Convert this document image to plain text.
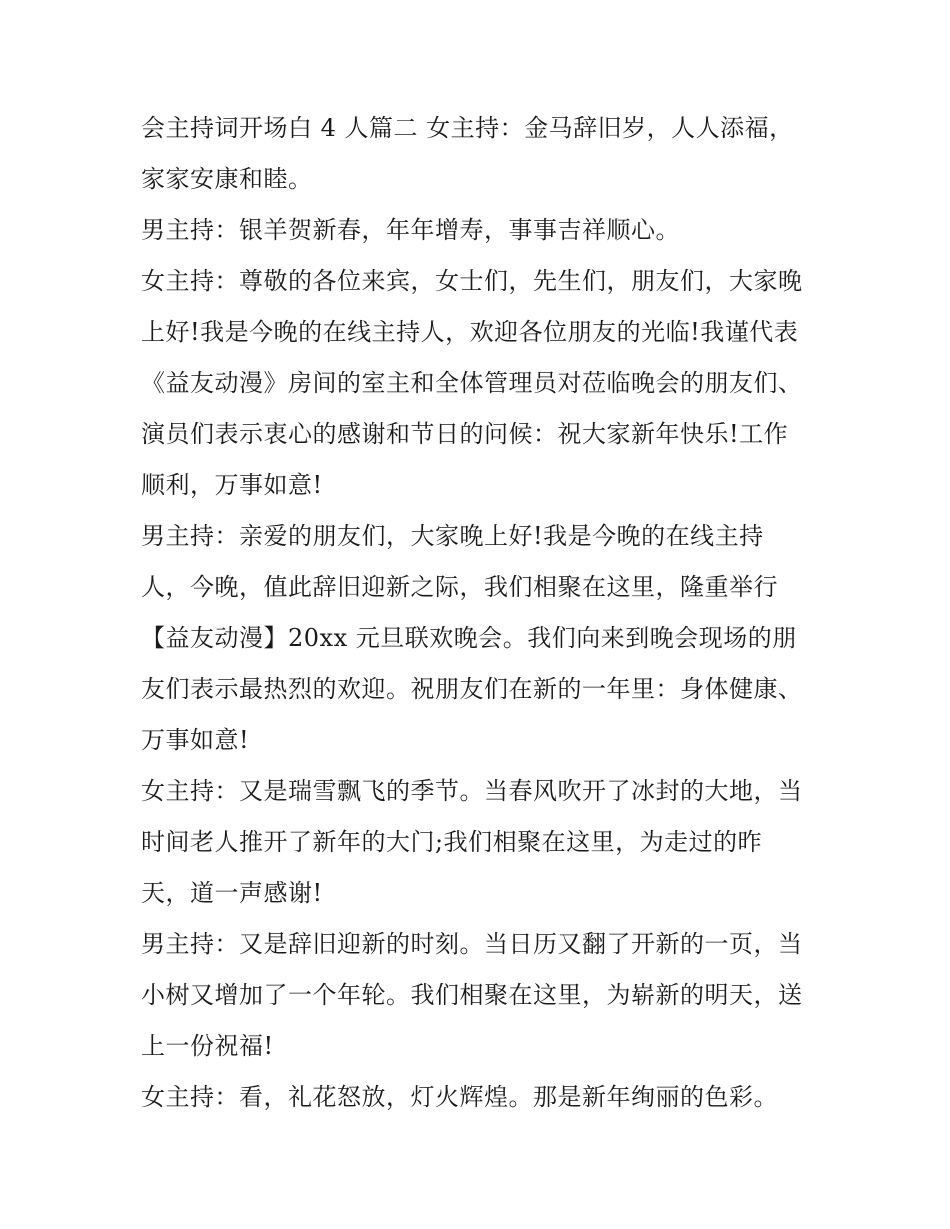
会主持词开场白 4 人篇二 女主持：金马辞旧岁，人人添福，
家家安康和睦。
男主持：银羊贺新春，年年增寿，事事吉祥顺心。
女主持：尊敬的各位来宾，女士们，先生们，朋友们，大家晚
上好!我是今晚的在线主持人，欢迎各位朋友的光临!我谨代表
《益友动漫》房间的室主和全体管理员对莅临晚会的朋友们、
演员们表示衷心的感谢和节日的问候：祝大家新年快乐!工作
顺利，万事如意!
男主持：亲爱的朋友们，大家晚上好!我是今晚的在线主持
人，今晚，值此辞旧迎新之际，我们相聚在这里，隆重举行
【益友动漫】20xx 元旦联欢晚会。我们向来到晚会现场的朋
友们表示最热烈的欢迎。祝朋友们在新的一年里：身体健康、
万事如意!
女主持：又是瑞雪飘飞的季节。当春风吹开了冰封的大地，当
时间老人推开了新年的大门;我们相聚在这里，为走过的昨
天，道一声感谢!
男主持：又是辞旧迎新的时刻。当日历又翻了开新的一页，当
小树又增加了一个年轮。我们相聚在这里，为崭新的明天，送
上一份祝福!
女主持：看，礼花怒放，灯火辉煌。那是新年绚丽的色彩。
